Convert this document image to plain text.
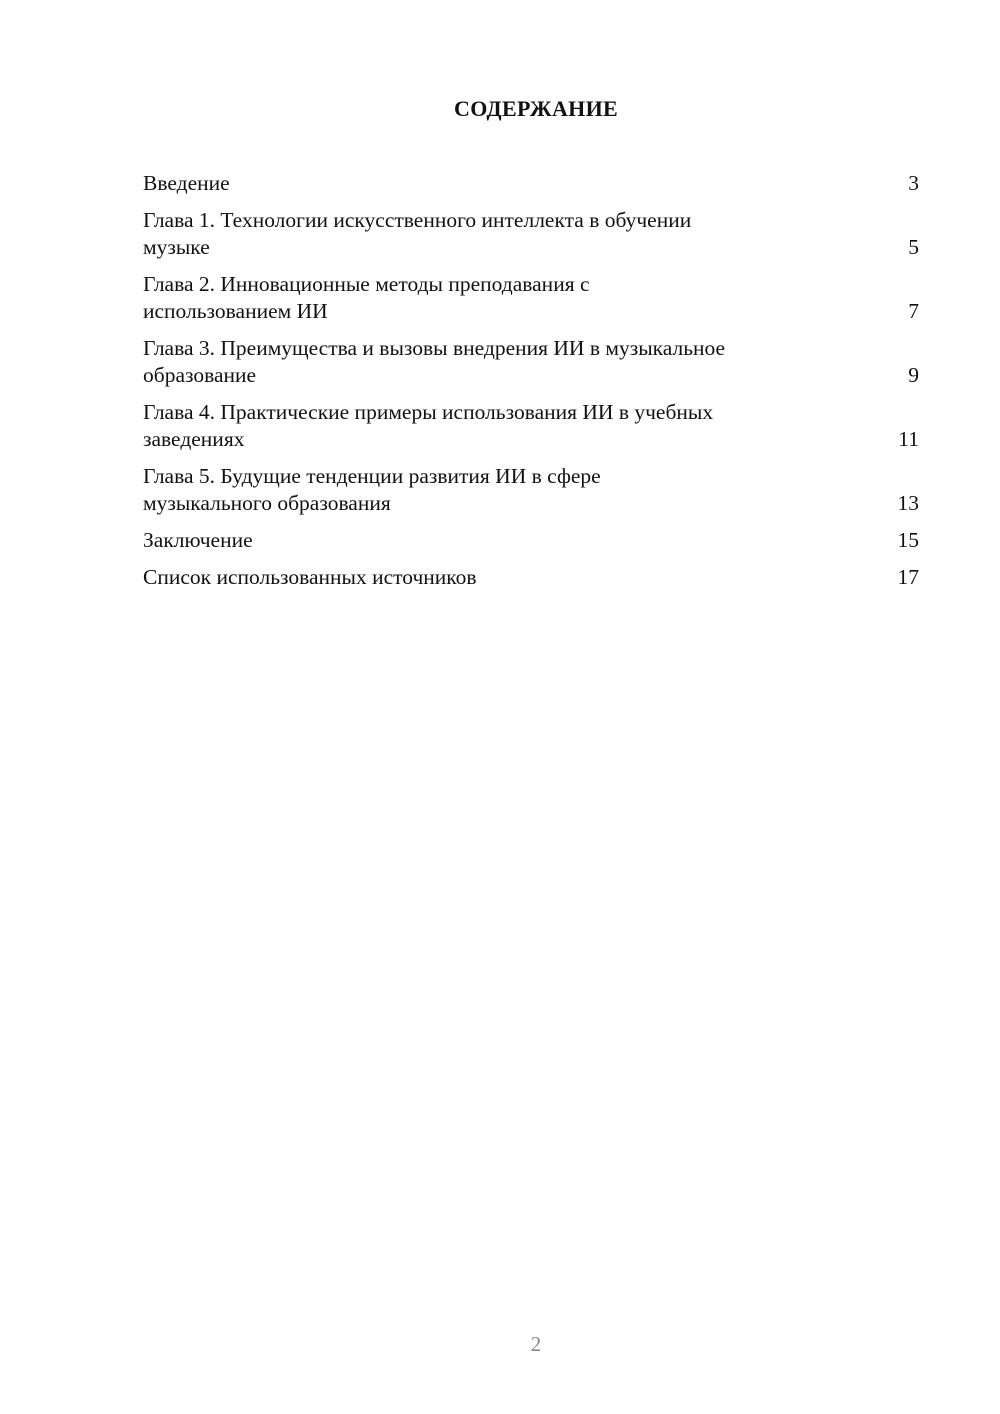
СОДЕРЖАНИЕ
Введение	3
Глава 1. Технологии искусственного интеллекта в обучении
музыке	5
Глава 2. Инновационные методы преподавания с
использованием ИИ	7
Глава 3. Преимущества и вызовы внедрения ИИ в музыкальное
образование	9
Глава 4. Практические примеры использования ИИ в учебных
заведениях	11
Глава 5. Будущие тенденции развития ИИ в сфере
музыкального образования	13
Заключение	15
Список использованных источников	17
2
